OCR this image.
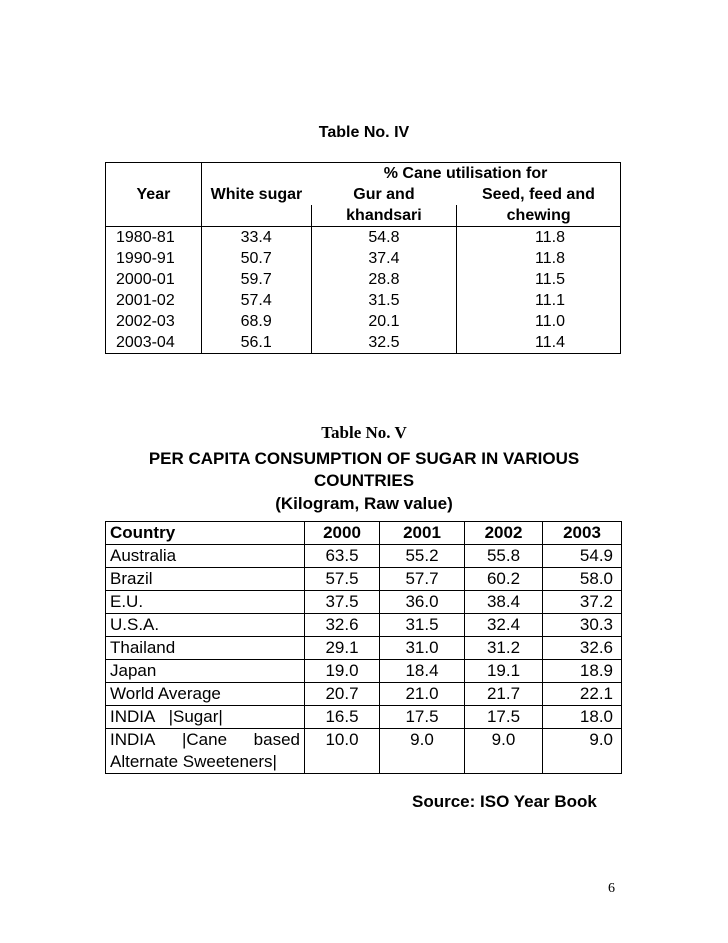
Table No. IV
		% Cane utilisation for	
Year	White sugar	Gur and	Seed, feed and
		khandsari	chewing
1980-81	33.4	54.8	11.8
1990-91	50.7	37.4	11.8
2000-01	59.7	28.8	11.5
2001-02	57.4	31.5	11.1
2002-03	68.9	20.1	11.0
2003-04	56.1	32.5	11.4
Table No. V
PER CAPITA CONSUMPTION OF SUGAR IN VARIOUS COUNTRIES
(Kilogram, Raw value)
Country	2000	2001	2002	2003
Australia	63.5	55.2	55.8	54.9
Brazil	57.5	57.7	60.2	58.0
E.U.	37.5	36.0	38.4	37.2
U.S.A.	32.6	31.5	32.4	30.3
Thailand	29.1	31.0	31.2	32.6
Japan	19.0	18.4	19.1	18.9
World Average	20.7	21.0	21.7	22.1
INDIA   |Sugar|	16.5	17.5	17.5	18.0

INDIA |Cane based
Alternate Sweeteners|	10.0	9.0	9.0	9.0
Source: ISO Year Book
6
